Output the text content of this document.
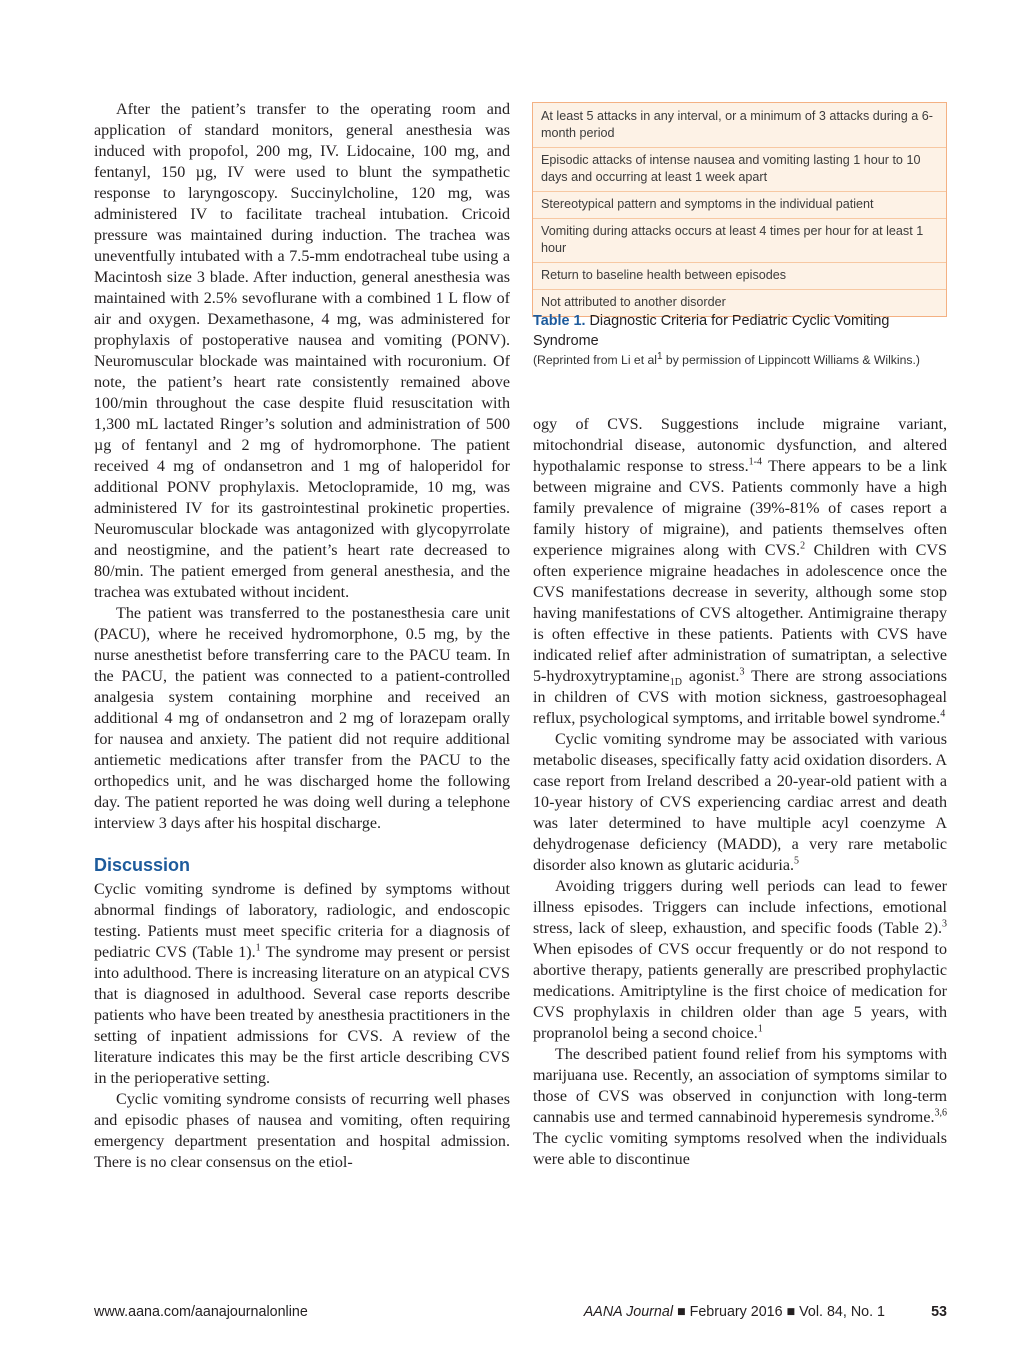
After the patient’s transfer to the operating room and application of standard monitors, general anesthesia was induced with propofol, 200 mg, IV. Lidocaine, 100 mg, and fentanyl, 150 µg, IV were used to blunt the sympathetic response to laryngoscopy. Succinylcholine, 120 mg, was administered IV to facilitate tracheal intubation. Cricoid pressure was maintained during induction. The trachea was uneventfully intubated with a 7.5-mm endotracheal tube using a Macintosh size 3 blade. After induction, general anesthesia was maintained with 2.5% sevoflurane with a combined 1 L flow of air and oxygen. Dexamethasone, 4 mg, was administered for prophylaxis of postoperative nausea and vomiting (PONV). Neuromuscular blockade was maintained with rocuronium. Of note, the patient’s heart rate consistently remained above 100/min throughout the case despite fluid resuscitation with 1,300 mL lactated Ringer’s solution and administration of 500 µg of fentanyl and 2 mg of hydromorphone. The patient received 4 mg of ondansetron and 1 mg of haloperidol for additional PONV prophylaxis. Metoclopramide, 10 mg, was administered IV for its gastrointestinal prokinetic properties. Neuromuscular blockade was antagonized with glycopyrrolate and neostigmine, and the patient’s heart rate decreased to 80/min. The patient emerged from general anesthesia, and the trachea was extubated without incident.

The patient was transferred to the postanesthesia care unit (PACU), where he received hydromorphone, 0.5 mg, by the nurse anesthetist before transferring care to the PACU team. In the PACU, the patient was connected to a patient-controlled analgesia system containing morphine and received an additional 4 mg of ondansetron and 2 mg of lorazepam orally for nausea and anxiety. The patient did not require additional antiemetic medications after transfer from the PACU to the orthopedics unit, and he was discharged home the following day. The patient reported he was doing well during a telephone interview 3 days after his hospital discharge.

Discussion

Cyclic vomiting syndrome is defined by symptoms without abnormal findings of laboratory, radiologic, and endoscopic testing. Patients must meet specific criteria for a diagnosis of pediatric CVS (Table 1).$^1$ The syndrome may present or persist into adulthood. There is increasing literature on an atypical CVS that is diagnosed in adulthood. Several case reports describe patients who have been treated by anesthesia practitioners in the setting of inpatient admissions for CVS. A review of the literature indicates this may be the first article describing CVS in the perioperative setting.

Cyclic vomiting syndrome consists of recurring well phases and episodic phases of nausea and vomiting, often requiring emergency department presentation and hospital admission. There is no clear consensus on the etiol-

At least 5 attacks in any interval, or a minimum of 3 attacks during a 6-month period
Episodic attacks of intense nausea and vomiting lasting 1 hour to 10 days and occurring at least 1 week apart
Stereotypical pattern and symptoms in the individual patient
Vomiting during attacks occurs at least 4 times per hour for at least 1 hour
Return to baseline health between episodes
Not attributed to another disorder
Table 1. Diagnostic Criteria for Pediatric Cyclic Vomiting Syndrome
(Reprinted from Li et $al^1$ by permission of Lippincott Williams & Wilkins.)

ogy of CVS. Suggestions include migraine variant, mitochondrial disease, autonomic dysfunction, and altered hypothalamic response to stress.$^{1-4}$ There appears to be a link between migraine and CVS. Patients commonly have a high family prevalence of migraine (39%-81% of cases report a family history of migraine), and patients themselves often experience migraines along with CVS.$^2$ Children with CVS often experience migraine headaches in adolescence once the CVS manifestations decrease in severity, although some stop having manifestations of CVS altogether. Antimigraine therapy is often effective in these patients. Patients with CVS have indicated relief after administration of sumatriptan, a selective 5-hydroxytryptamine$_{1D}$ agonist.$^3$ There are strong associations in children of CVS with motion sickness, gastroesophageal reflux, psychological symptoms, and irritable bowel syndrome.$^4$

Cyclic vomiting syndrome may be associated with various metabolic diseases, specifically fatty acid oxidation disorders. A case report from Ireland described a 20-year-old patient with a 10-year history of CVS experiencing cardiac arrest and death was later determined to have multiple acyl coenzyme A dehydrogenase deficiency (MADD), a very rare metabolic disorder also known as glutaric aciduria.$^5$

Avoiding triggers during well periods can lead to fewer illness episodes. Triggers can include infections, emotional stress, lack of sleep, exhaustion, and specific foods (Table 2).$^3$ When episodes of CVS occur frequently or do not respond to abortive therapy, patients generally are prescribed prophylactic medications. Amitriptyline is the first choice of medication for CVS prophylaxis in children older than age 5 years, with propranolol being a second choice.$^1$

The described patient found relief from his symptoms with marijuana use. Recently, an association of symptoms similar to those of CVS was observed in conjunction with long-term cannabis use and termed cannabinoid hyperemesis syndrome.$^{3,6}$ The cyclic vomiting symptoms resolved when the individuals were able to discontinue

www.aana.com/aanajournalonline	AANA Journal ■ February 2016 ■ Vol. 84, No. 1	53
